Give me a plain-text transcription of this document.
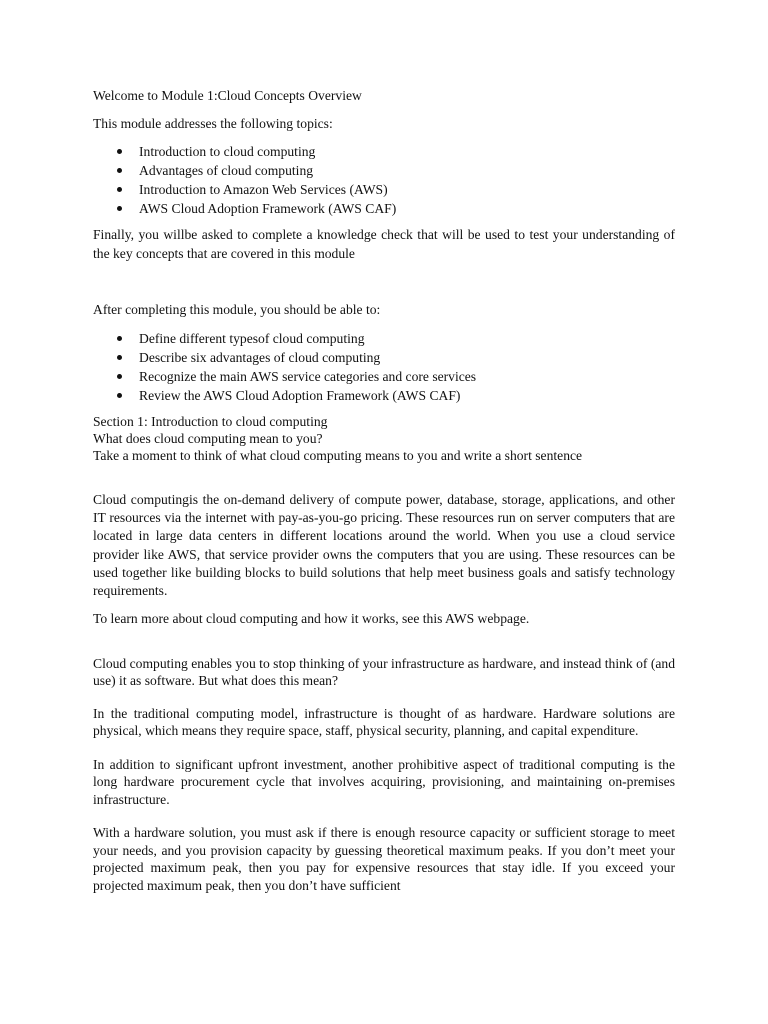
Welcome to Module 1:Cloud Concepts Overview

This module addresses the following topics:

Introduction to cloud computing
Advantages of cloud computing
Introduction to Amazon Web Services (AWS)
AWS Cloud Adoption Framework (AWS CAF)

Finally, you willbe asked to complete a knowledge check that will be used to test your understanding of the key concepts that are covered in this module

After completing this module, you should be able to:

Define different typesof cloud computing
Describe six advantages of cloud computing
Recognize the main AWS service categories and core services
Review the AWS Cloud Adoption Framework (AWS CAF)

Section 1: Introduction to cloud computing

What does cloud computing mean to you?

Take a moment to think of what cloud computing means to you and write a short sentence

Cloud computingis the on-demand delivery of compute power, database, storage, applications, and other IT resources via the internet with pay-as-you-go pricing. These resources run on server computers that are located in large data centers in different locations around the world. When you use a cloud service provider like AWS, that service provider owns the computers that you are using. These resources can be used together like building blocks to build solutions that help meet business goals and satisfy technology requirements.

To learn more about cloud computing and how it works, see this AWS webpage.

Cloud computing enables you to stop thinking of your infrastructure as hardware, and instead think of (and use) it as software. But what does this mean?

In the traditional computing model, infrastructure is thought of as hardware. Hardware solutions are physical, which means they require space, staff, physical security, planning, and capital expenditure.

In addition to significant upfront investment, another prohibitive aspect of traditional computing is the long hardware procurement cycle that involves acquiring, provisioning, and maintaining on-premises infrastructure.

With a hardware solution, you must ask if there is enough resource capacity or sufficient storage to meet your needs, and you provision capacity by guessing theoretical maximum peaks. If you don’t meet your projected maximum peak, then you pay for expensive resources that stay idle. If you exceed your projected maximum peak, then you don’t have sufficient
